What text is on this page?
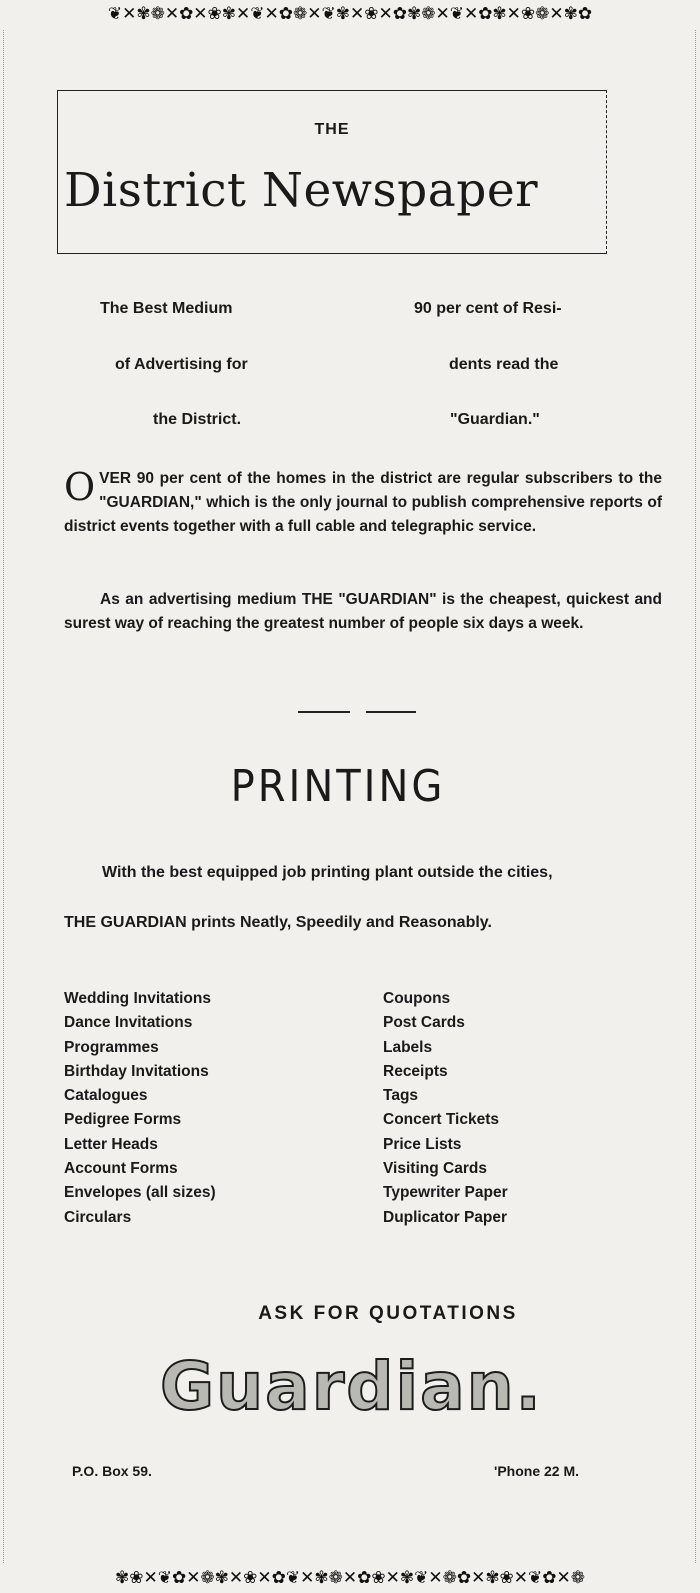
❦✕✾❁✕✿✕❀✾✕❦✕✿❁✕❦✾✕❀✕✿✾❁✕❦✕✿✾✕❀❁✕✾✿
THE
District Newspaper
The Best Medium
of Advertising for
the District.
90 per cent of Resi-
dents read the
"Guardian."
OVER 90 per cent of the homes in the district are regular subscribers to the "GUARDIAN," which is the only journal to publish comprehensive reports of district events together with a full cable and telegraphic service.
As an advertising medium THE "GUARDIAN" is the cheapest, quickest and surest way of reaching the greatest number of people six days a week.
PRINTING
With the best equipped job printing plant outside the cities,
THE GUARDIAN prints Neatly, Speedily and Reasonably.
Wedding Invitations
Dance Invitations
Programmes
Birthday Invitations
Catalogues
Pedigree Forms
Letter Heads
Account Forms
Envelopes (all sizes)
Circulars
Coupons
Post Cards
Labels
Receipts
Tags
Concert Tickets
Price Lists
Visiting Cards
Typewriter Paper
Duplicator Paper
ASK FOR QUOTATIONS
Guardian.
P.O. Box 59.	'Phone 22 M.
✾❀✕❦✿✕❁✾✕❀✕✿❦✕✾❁✕✿❀✕✾❦✕❁✿✕✾❀✕❦✿✕❁
